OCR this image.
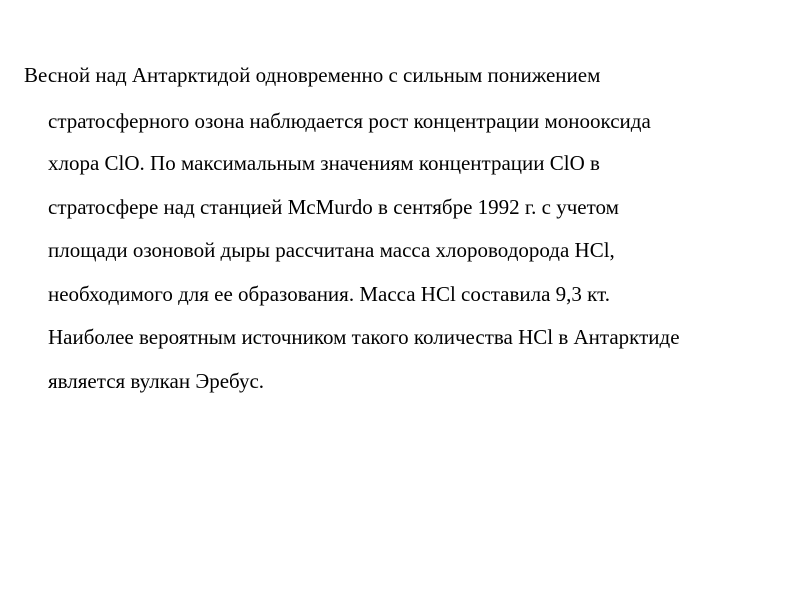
Весной над Антарктидой одновременно с сильным понижением
стратосферного озона наблюдается рост концентрации монооксида
хлора ClO. По максимальным значениям концентрации ClO в
стратосфере над станцией McMurdo в сентябре 1992 г. с учетом
площади озоновой дыры рассчитана масса хлороводорода HCl,
необходимого для ее образования. Масса HCl составила 9,3 кт.
Наиболее вероятным источником такого количества HCl в Антарктиде
является вулкан Эребус.
